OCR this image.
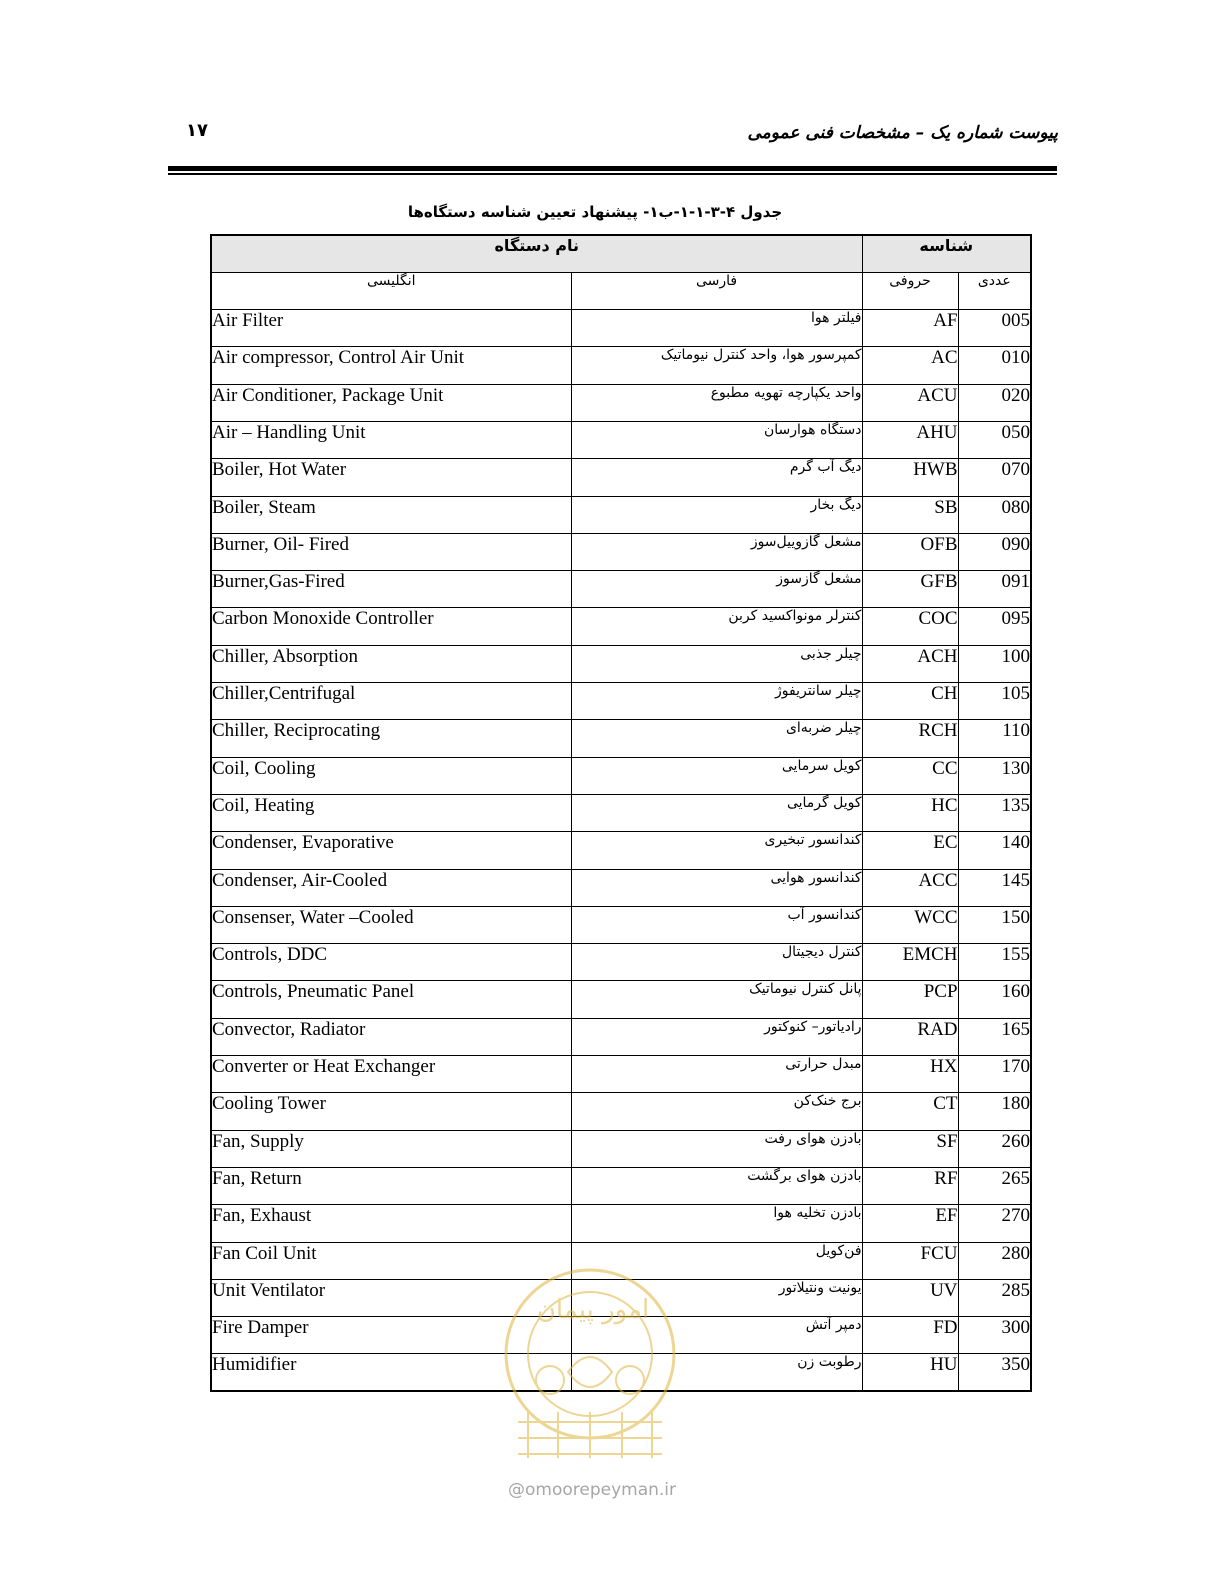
۱۷	پیوست شماره یک – مشخصات فنی عمومی
جدول ۴-۳-۱-۱-ب۱- پیشنهاد تعیین شناسه دستگاه‌ها
نام دستگاه		شناسه	
انگلیسی	فارسی	حروفی	عددی
Air Filter	فیلتر هوا	AF	005
Air compressor, Control Air Unit	کمپرسور هوا، واحد کنترل نیوماتیک	AC	010
Air Conditioner, Package Unit	واحد یکپارچه تهویه مطبوع	ACU	020
Air – Handling Unit	دستگاه هوارسان	AHU	050
Boiler, Hot Water	دیگ آب گرم	HWB	070
Boiler, Steam	دیگ بخار	SB	080
Burner, Oil- Fired	مشعل گازوییل‌سوز	OFB	090
Burner,Gas-Fired	مشعل گازسوز	GFB	091
Carbon Monoxide Controller	کنترلر مونواکسید کربن	COC	095
Chiller, Absorption	چیلر جذبی	ACH	100
Chiller,Centrifugal	چیلر سانتریفوژ	CH	105
Chiller, Reciprocating	چیلر ضربه‌ای	RCH	110
Coil, Cooling	کویل سرمایی	CC	130
Coil, Heating	کویل گرمایی	HC	135
Condenser, Evaporative	کندانسور تبخیری	EC	140
Condenser, Air-Cooled	کندانسور هوایی	ACC	145
Consenser, Water –Cooled	کندانسور آب	WCC	150
Controls, DDC	کنترل دیجیتال	EMCH	155
Controls, Pneumatic Panel	پانل کنترل نیوماتیک	PCP	160
Convector, Radiator	رادیاتور– کنوکتور	RAD	165
Converter or Heat Exchanger	مبدل حرارتی	HX	170
Cooling Tower	برج خنک‌کن	CT	180
Fan, Supply	بادزن هوای رفت	SF	260
Fan, Return	بادزن هوای برگشت	RF	265
Fan, Exhaust	بادزن تخلیه هوا	EF	270
Fan Coil Unit	فن‌کویل	FCU	280
Unit Ventilator	یونیت ونتیلاتور	UV	285
Fire Damper	دمپر آتش	FD	300
Humidifier	رطوبت زن	HU	350
امور پیمان
@omoorepeyman.ir
